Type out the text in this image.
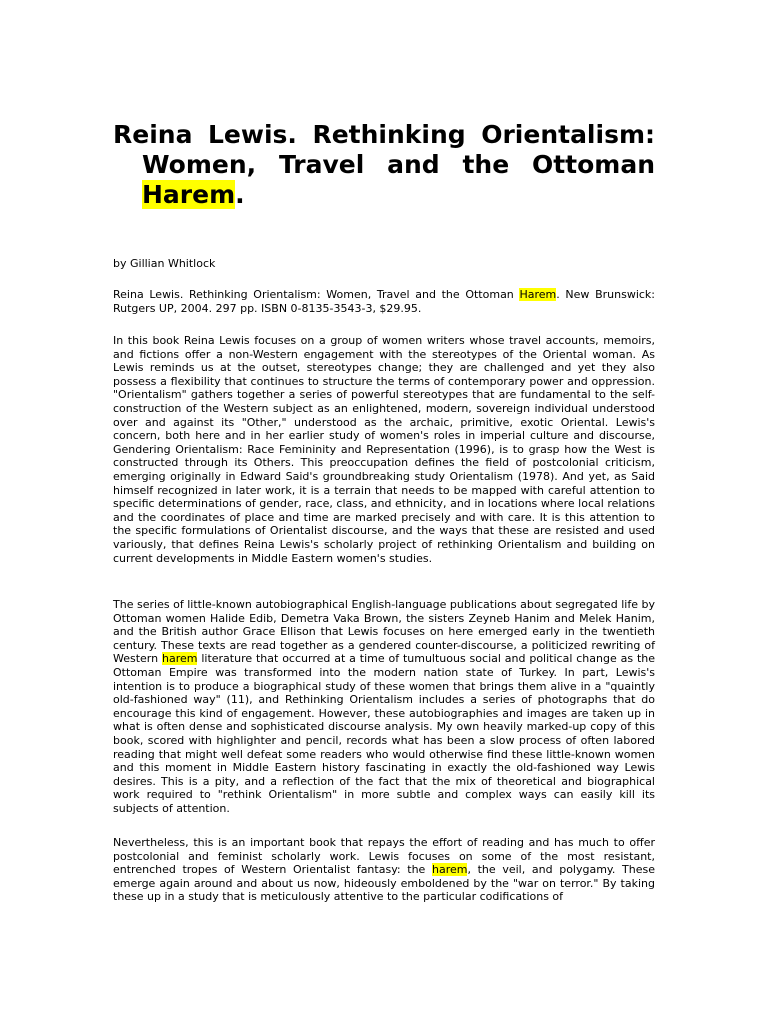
Reina Lewis. Rethinking Orientalism: Women, Travel and the Ottoman Harem.

by Gillian Whitlock

Reina Lewis. Rethinking Orientalism: Women, Travel and the Ottoman Harem. New Brunswick: Rutgers UP, 2004. 297 pp. ISBN 0-8135-3543-3, $29.95.

In this book Reina Lewis focuses on a group of women writers whose travel accounts, memoirs, and fictions offer a non-Western engagement with the stereotypes of the Oriental woman. As Lewis reminds us at the outset, stereotypes change; they are challenged and yet they also possess a flexibility that continues to structure the terms of contemporary power and oppression. "Orientalism" gathers together a series of powerful stereotypes that are fundamental to the self-construction of the Western subject as an enlightened, modern, sovereign individual understood over and against its "Other," understood as the archaic, primitive, exotic Oriental. Lewis's concern, both here and in her earlier study of women's roles in imperial culture and discourse, Gendering Orientalism: Race Femininity and Representation (1996), is to grasp how the West is constructed through its Others. This preoccupation defines the field of postcolonial criticism, emerging originally in Edward Said's groundbreaking study Orientalism (1978). And yet, as Said himself recognized in later work, it is a terrain that needs to be mapped with careful attention to specific determinations of gender, race, class, and ethnicity, and in locations where local relations and the coordinates of place and time are marked precisely and with care. It is this attention to the specific formulations of Orientalist discourse, and the ways that these are resisted and used variously, that defines Reina Lewis's scholarly project of rethinking Orientalism and building on current developments in Middle Eastern women's studies.

The series of little-known autobiographical English-language publications about segregated life by Ottoman women Halide Edib, Demetra Vaka Brown, the sisters Zeyneb Hanim and Melek Hanim, and the British author Grace Ellison that Lewis focuses on here emerged early in the twentieth century. These texts are read together as a gendered counter-discourse, a politicized rewriting of Western harem literature that occurred at a time of tumultuous social and political change as the Ottoman Empire was transformed into the modern nation state of Turkey. In part, Lewis's intention is to produce a biographical study of these women that brings them alive in a "quaintly old-fashioned way" (11), and Rethinking Orientalism includes a series of photographs that do encourage this kind of engagement. However, these autobiographies and images are taken up in what is often dense and sophisticated discourse analysis. My own heavily marked-up copy of this book, scored with highlighter and pencil, records what has been a slow process of often labored reading that might well defeat some readers who would otherwise find these little-known women and this moment in Middle Eastern history fascinating in exactly the old-fashioned way Lewis desires. This is a pity, and a reflection of the fact that the mix of theoretical and biographical work required to "rethink Orientalism" in more subtle and complex ways can easily kill its subjects of attention.

Nevertheless, this is an important book that repays the effort of reading and has much to offer postcolonial and feminist scholarly work. Lewis focuses on some of the most resistant, entrenched tropes of Western Orientalist fantasy: the harem, the veil, and polygamy. These emerge again around and about us now, hideously emboldened by the "war on terror." By taking these up in a study that is meticulously attentive to the particular codifications of
